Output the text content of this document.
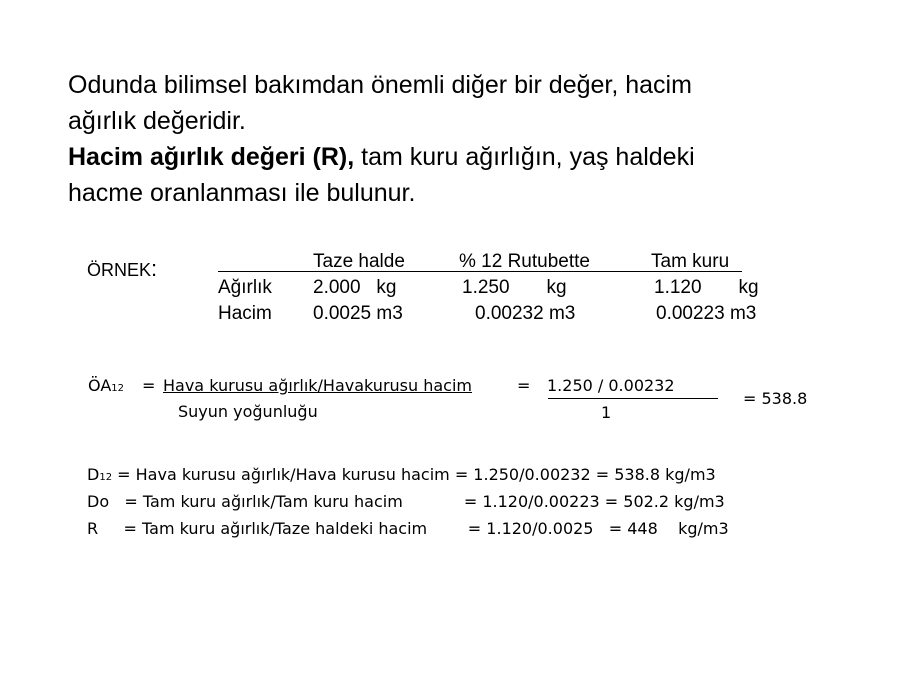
Odunda bilimsel bakımdan önemli diğer bir değer, hacim
ağırlık değeridir.
Hacim ağırlık değeri (R), tam kuru ağırlığın, yaş haldeki
hacme oranlanması ile bulunur.
ÖRNEK:	Taze halde	% 12 Rutubette	Tam kuru
Ağırlık 2.000   kg	1.250       kg	1.120       kg
Hacim 0.0025 m3	0.00232 m3	0.00223 m3
ÖA12 = Hava kurusu ağırlık/Havakurusu hacim	= 1.250 / 0.00232
Suyun yoğunluğu	1
= 538.8
D12 = Hava kurusu ağırlık/Hava kurusu hacim = 1.250/0.00232 = 538.8 kg/m3
Do   = Tam kuru ağırlık/Tam kuru hacim            = 1.120/0.00223 = 502.2 kg/m3
R     = Tam kuru ağırlık/Taze haldeki hacim        = 1.120/0.0025   = 448    kg/m3
